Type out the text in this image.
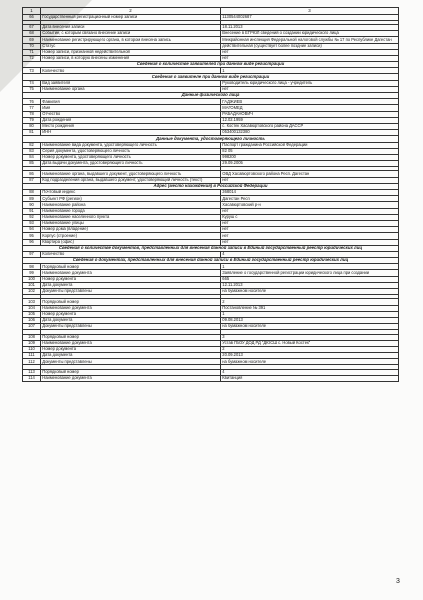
1	2	3
66	Государственный регистрационный номер записи	1130544002687

67	Дата внесения записи	18.11.2013
68	Событие, с которым связано внесение записи	Внесение в ЕГРЮЛ сведений о создании юридического лица
69	Наименование регистрирующего органа, в котором внесена запись	Межрайонная инспекция Федеральной налоговой службы № 17 по Республике Дагестан
70	Статус	действительная (существует более поздние записи)
71	Номер записи, признанной недействительной	нет
72	Номер записи, в которую внесены изменения	нет
Сведения о количестве заявителей при данном виде регистрации		
73	Количество	1
Сведения о заявителе при данном виде регистрации		
74	Вид заявителя	Руководитель юридического лица - учредитель
75	Наименование органа	нет
Данные физического лица		
76	Фамилия	ГАДЖИЕВ
77	Имя	МАГОМЕД
78	Отчество	РАБАДАНОВИЧ
79	Дата рождения	12.02.1959
80	Место рождения	с. Костек Хасавюртовского района ДАССР
81	ИНН	053400132380
Данные документа, удостоверяющего личность		
82	Наименование вида документа, удостоверяющего личность	Паспорт гражданина Российской Федерации
83	Серия документа, удостоверяющего личность	82 05
84	Номер документа, удостоверяющего личность	998200
85	Дата выдачи документа, удостоверяющего личность	29.09.2005

86	Наименование органа, выдавшего документ, удостоверяющего личность	ОВД Хасавюртовского района Респ. Дагестан
87	Код подразделения органа, выдавшего документ, удостоверяющий личность (текст)	нет
Адрес (место нахождения) в Российской Федерации		
88	Почтовый индекс	368014
89	Субъект РФ (регион)	Дагестан Респ
90	Наименование района	Хасавюртовский р-н
91	Наименование города	нет
92	Наименование населенного пункта	Куруш с
93	Наименование улицы	нет
94	Номер дома (владение)	нет
95	Корпус (строение)	нет
96	Квартира (офис)	нет
Сведения о количестве документов, представленных для внесения данной записи в Единый государственный реестр юридических лиц		
97	Количество	4
Сведения о документах, представленных для внесения данной записи в Единый государственный реестр юридических лиц		
98	Порядковый номер	1
99	Наименование документа	Заявление о государственной регистрации юридического лица при создании
100	Номер документа	665
101	Дата документа	12.11.2013
102	Документы представлены	на бумажном носителе

103	Порядковый номер	2
104	Наименование документа	Постановление № 391
105	Номер документа	1
106	Дата документа	09.08.2013
107	Документы представлены	на бумажном носителе

108	Порядковый номер	3
109	Наименование документа	Устав ГБОУ ДОД РД "ДЮСШ с. Новый Костек"
110	Номер документа	2
111	Дата документа	20.09.2013
112	Документы представлены	на бумажном носителе

113	Порядковый номер	4
114	Наименование документа	Квитанция
3
